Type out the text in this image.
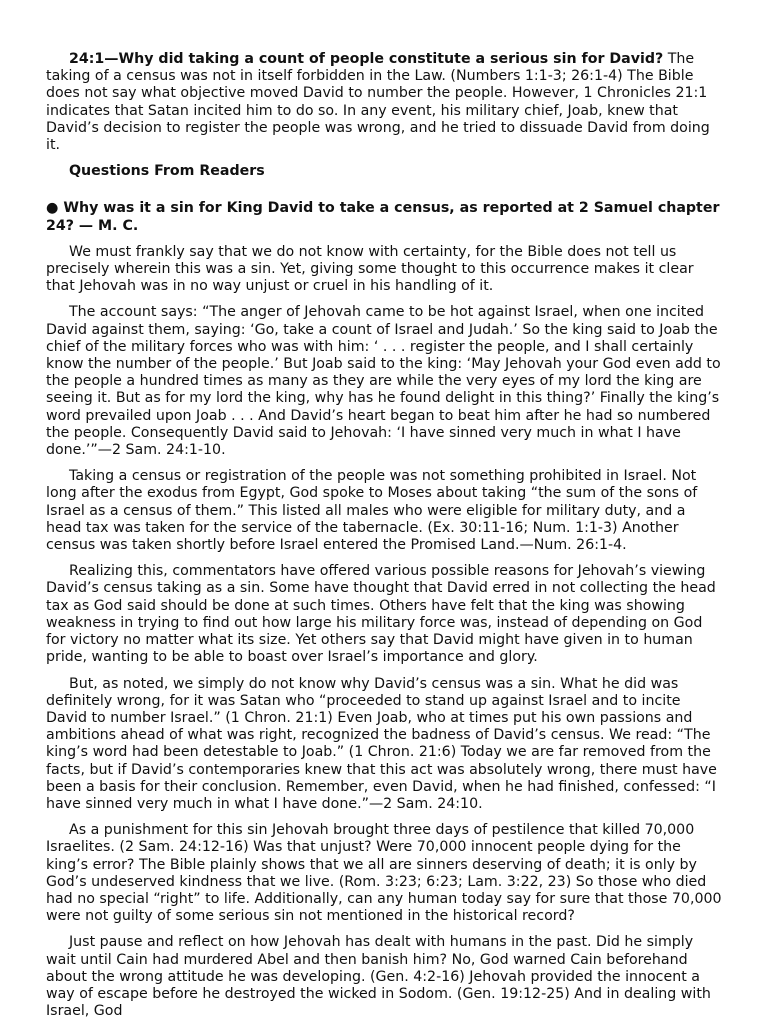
24:1—Why did taking a count of people constitute a serious sin for David? The taking of a census was not in itself forbidden in the Law. (Numbers 1:1-3; 26:1-4) The Bible does not say what objective moved David to number the people. However, 1 Chronicles 21:1 indicates that Satan incited him to do so. In any event, his military chief, Joab, knew that David’s decision to register the people was wrong, and he tried to dissuade David from doing it.

Questions From Readers

● Why was it a sin for King David to take a census, as reported at 2 Samuel chapter 24? — M. C.

We must frankly say that we do not know with certainty, for the Bible does not tell us precisely wherein this was a sin. Yet, giving some thought to this occurrence makes it clear that Jehovah was in no way unjust or cruel in his handling of it.

The account says: “The anger of Jehovah came to be hot against Israel, when one incited David against them, saying: ‘Go, take a count of Israel and Judah.’ So the king said to Joab the chief of the military forces who was with him: ‘ . . . register the people, and I shall certainly know the number of the people.’ But Joab said to the king: ‘May Jehovah your God even add to the people a hundred times as many as they are while the very eyes of my lord the king are seeing it. But as for my lord the king, why has he found delight in this thing?’ Finally the king’s word prevailed upon Joab . . . And David’s heart began to beat him after he had so numbered the people. Consequently David said to Jehovah: ‘I have sinned very much in what I have done.’”—2 Sam. 24:1-10.

Taking a census or registration of the people was not something prohibited in Israel. Not long after the exodus from Egypt, God spoke to Moses about taking “the sum of the sons of Israel as a census of them.” This listed all males who were eligible for military duty, and a head tax was taken for the service of the tabernacle. (Ex. 30:11-16; Num. 1:1-3) Another census was taken shortly before Israel entered the Promised Land.—Num. 26:1-4.

Realizing this, commentators have offered various possible reasons for Jehovah’s viewing David’s census taking as a sin. Some have thought that David erred in not collecting the head tax as God said should be done at such times. Others have felt that the king was showing weakness in trying to find out how large his military force was, instead of depending on God for victory no matter what its size. Yet others say that David might have given in to human pride, wanting to be able to boast over Israel’s importance and glory.

But, as noted, we simply do not know why David’s census was a sin. What he did was definitely wrong, for it was Satan who “proceeded to stand up against Israel and to incite David to number Israel.” (1 Chron. 21:1) Even Joab, who at times put his own passions and ambitions ahead of what was right, recognized the badness of David’s census. We read: “The king’s word had been detestable to Joab.” (1 Chron. 21:6) Today we are far removed from the facts, but if David’s contemporaries knew that this act was absolutely wrong, there must have been a basis for their conclusion. Remember, even David, when he had finished, confessed: “I have sinned very much in what I have done.”—2 Sam. 24:10.

As a punishment for this sin Jehovah brought three days of pestilence that killed 70,000 Israelites. (2 Sam. 24:12-16) Was that unjust? Were 70,000 innocent people dying for the king’s error? The Bible plainly shows that we all are sinners deserving of death; it is only by God’s undeserved kindness that we live. (Rom. 3:23; 6:23; Lam. 3:22, 23) So those who died had no special “right” to life. Additionally, can any human today say for sure that those 70,000 were not guilty of some serious sin not mentioned in the historical record?

Just pause and reflect on how Jehovah has dealt with humans in the past. Did he simply wait until Cain had murdered Abel and then banish him? No, God warned Cain beforehand about the wrong attitude he was developing. (Gen. 4:2-16) Jehovah provided the innocent a way of escape before he destroyed the wicked in Sodom. (Gen. 19:12-25) And in dealing with Israel, God
